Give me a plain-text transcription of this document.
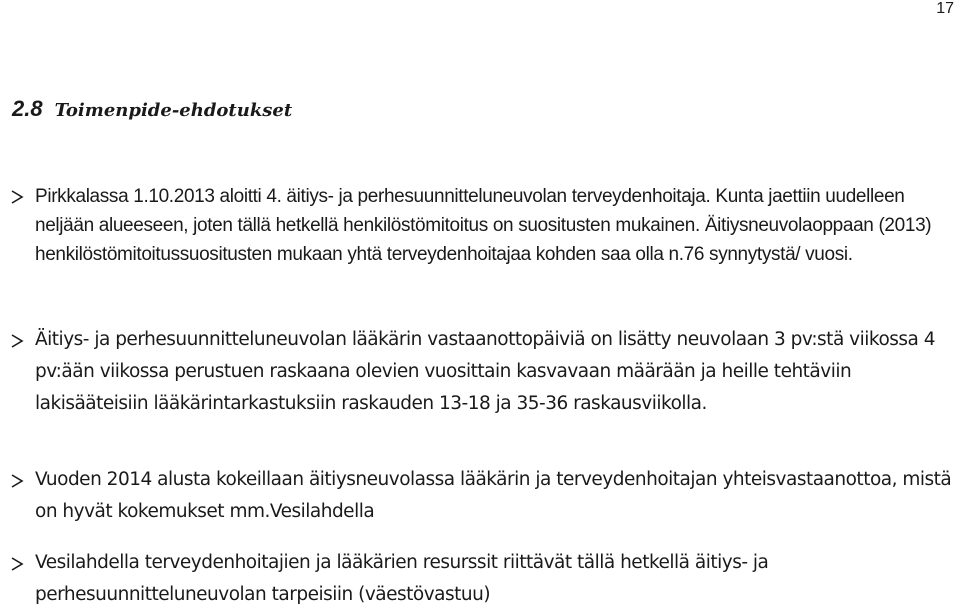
17
2.8 Toimenpide-ehdotukset
Pirkkalassa 1.10.2013 aloitti 4. äitiys- ja perhesuunnitteluneuvolan terveydenhoitaja. Kunta jaettiin uudelleen neljään alueeseen, joten tällä hetkellä henkilöstömitoitus on suositusten mukainen. Äitiysneuvolaoppaan (2013) henkilöstömitoitussuositusten mukaan yhtä terveydenhoitajaa kohden saa olla n.76 synnytystä/ vuosi.
Äitiys- ja perhesuunnitteluneuvolan lääkärin vastaanottopäiviä on lisätty neuvolaan 3 pv:stä viikossa 4 pv:ään viikossa perustuen raskaana olevien vuosittain kasvavaan määrään ja heille tehtäviin lakisääteisiin lääkärintarkastuksiin raskauden 13-18 ja 35-36 raskausviikolla.
Vuoden 2014 alusta kokeillaan äitiysneuvolassa lääkärin ja terveydenhoitajan yhteisvastaanottoa, mistä on hyvät kokemukset mm.Vesilahdella
Vesilahdella terveydenhoitajien ja lääkärien resurssit riittävät tällä hetkellä äitiys- ja perhesuunnitteluneuvolan tarpeisiin (väestövastuu)
